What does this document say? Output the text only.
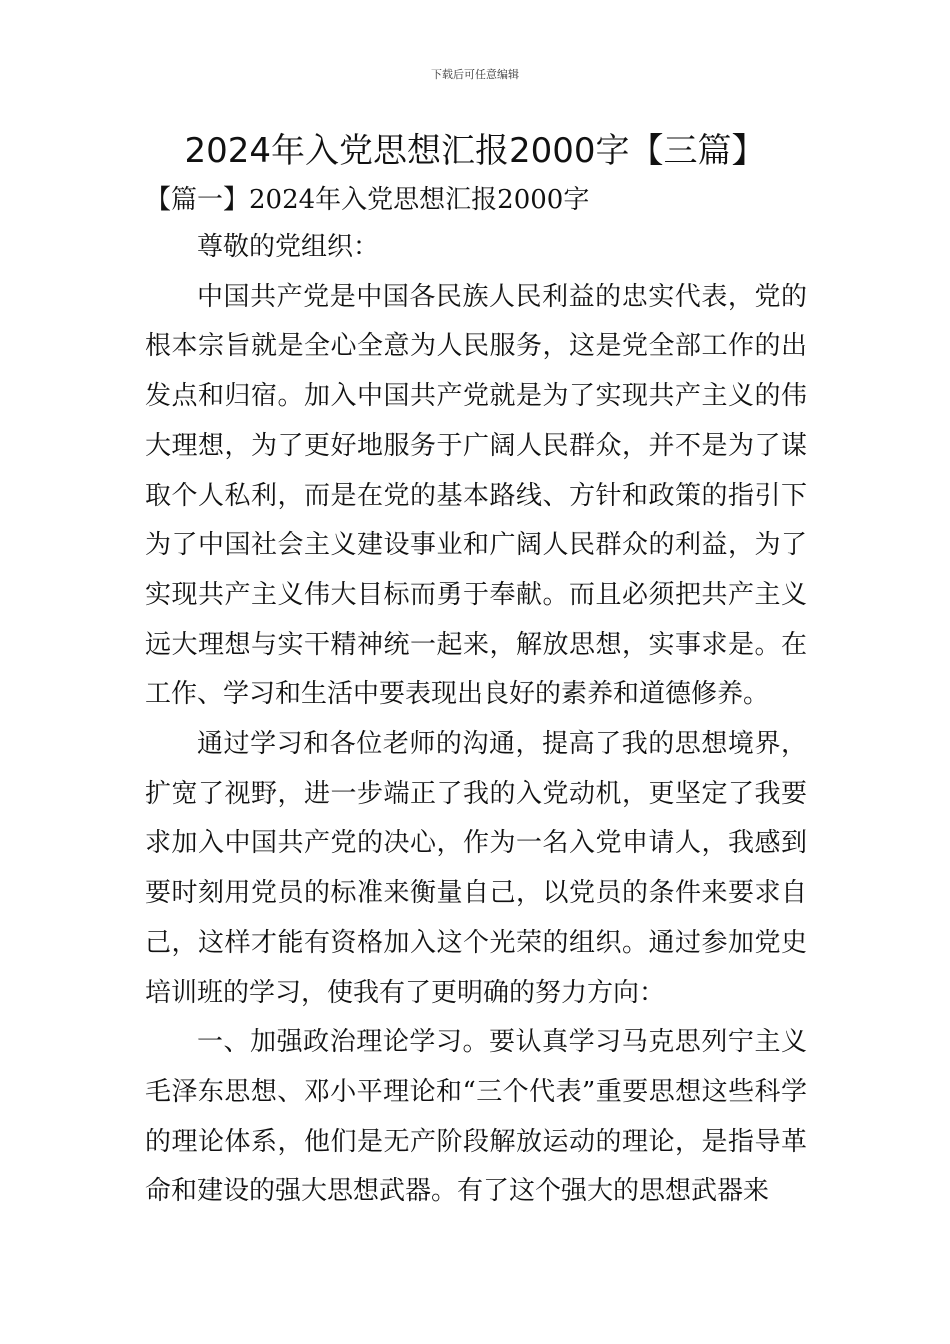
下载后可任意编辑
2024年入党思想汇报2000字【三篇】
【篇一】2024年入党思想汇报2000字

尊敬的党组织：

中国共产党是中国各民族人民利益的忠实代表，党的根本宗旨就是全心全意为人民服务，这是党全部工作的出发点和归宿。加入中国共产党就是为了实现共产主义的伟大理想，为了更好地服务于广阔人民群众，并不是为了谋取个人私利，而是在党的基本路线、方针和政策的指引下为了中国社会主义建设事业和广阔人民群众的利益，为了实现共产主义伟大目标而勇于奉献。而且必须把共产主义远大理想与实干精神统一起来，解放思想，实事求是。在工作、学习和生活中要表现出良好的素养和道德修养。

通过学习和各位老师的沟通，提高了我的思想境界，扩宽了视野，进一步端正了我的入党动机，更坚定了我要求加入中国共产党的决心，作为一名入党申请人，我感到要时刻用党员的标准来衡量自己，以党员的条件来要求自己，这样才能有资格加入这个光荣的组织。通过参加党史培训班的学习，使我有了更明确的努力方向：

一、加强政治理论学习。要认真学习马克思列宁主义毛泽东思想、邓小平理论和“三个代表”重要思想这些科学的理论体系，他们是无产阶段解放运动的理论，是指导革命和建设的强大思想武器。有了这个强大的思想武器来
